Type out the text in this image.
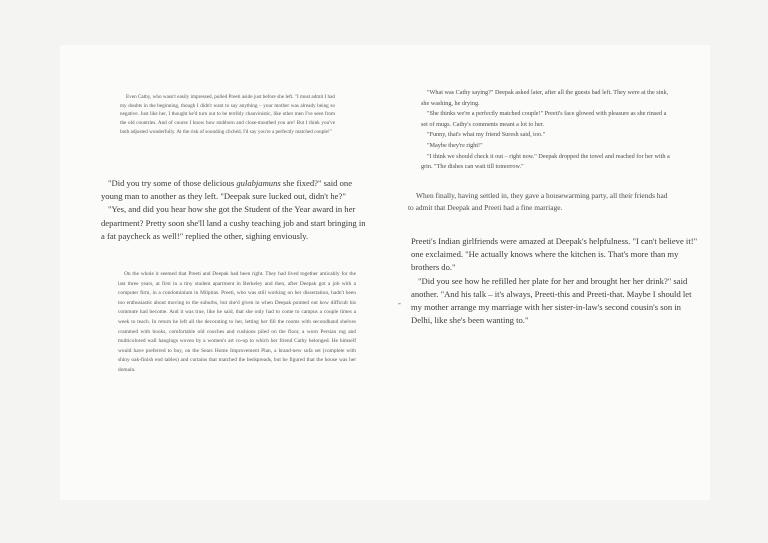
Even Cathy, who wasn't easily impressed, pulled Preeti aside just before she left. "I must admit I had my doubts in the beginning, though I didn't want to say anything – your mother was already being so negative. Just like her, I thought he'd turn out to be terribly chauvinistic, like other men I've seen from the old countries. And of course I know how stubborn and close-mouthed you are! But I think you've both adjusted wonderfully. At the risk of sounding clichéd, I'd say you're a perfectly matched couple!"

"Did you try some of those delicious gulabjamuns she fixed?" said one young man to another as they left. "Deepak sure lucked out, didn't he?"

"Yes, and did you hear how she got the Student of the Year award in her department? Pretty soon she'll land a cushy teaching job and start bringing in a fat paycheck as well!" replied the other, sighing enviously.

On the whole it seemed that Preeti and Deepak had been right. They had lived together amicably for the last three years, at first in a tiny student apartment in Berkeley and then, after Deepak got a job with a computer firm, in a condominium in Milpitas. Preeti, who was still working on her dissertation, hadn't been too enthusiastic about moving to the suburbs, but she'd given in when Deepak pointed out how difficult his commute had become. And it was true, like he said, that she only had to come to campus a couple times a week to teach. In return he left all the decorating to her, letting her fill the rooms with secondhand shelves crammed with books, comfortable old couches and cushions piled on the floor, a worn Persian rug and multicolored wall hangings woven by a women's art co-op to which her friend Cathy belonged. He himself would have preferred to buy, on the Sears Home Improvement Plan, a brand-new sofa set (complete with shiny oak-finish end tables) and curtains that matched the bedspreads, but he figured that the house was her domain.

"What was Cathy saying?" Deepak asked later, after all the guests had left. They were at the sink, she washing, he drying.

"She thinks we're a perfectly matched couple!" Preeti's face glowed with pleasure as she rinsed a set of mugs. Cathy's comments meant a lot to her.

"Funny, that's what my friend Suresh said, too."

"Maybe they're right!"

"I think we should check it out – right now." Deepak dropped the towel and reached for her with a grin. "The dishes can wait till tomorrow."

When finally, having settled in, they gave a housewarming party, all their friends had to admit that Deepak and Preeti had a fine marriage.

Preeti's Indian girlfriends were amazed at Deepak's helpfulness. "I can't believe it!" one exclaimed. "He actually knows where the kitchen is. That's more than my brothers do."

"Did you see how he refilled her plate for her and brought her her drink?" said another. "And his talk – it's always, Preeti-this and Preeti-that. Maybe I should let my mother arrange my marriage with her sister-in-law's second cousin's son in Delhi, like she's been wanting to."

-
